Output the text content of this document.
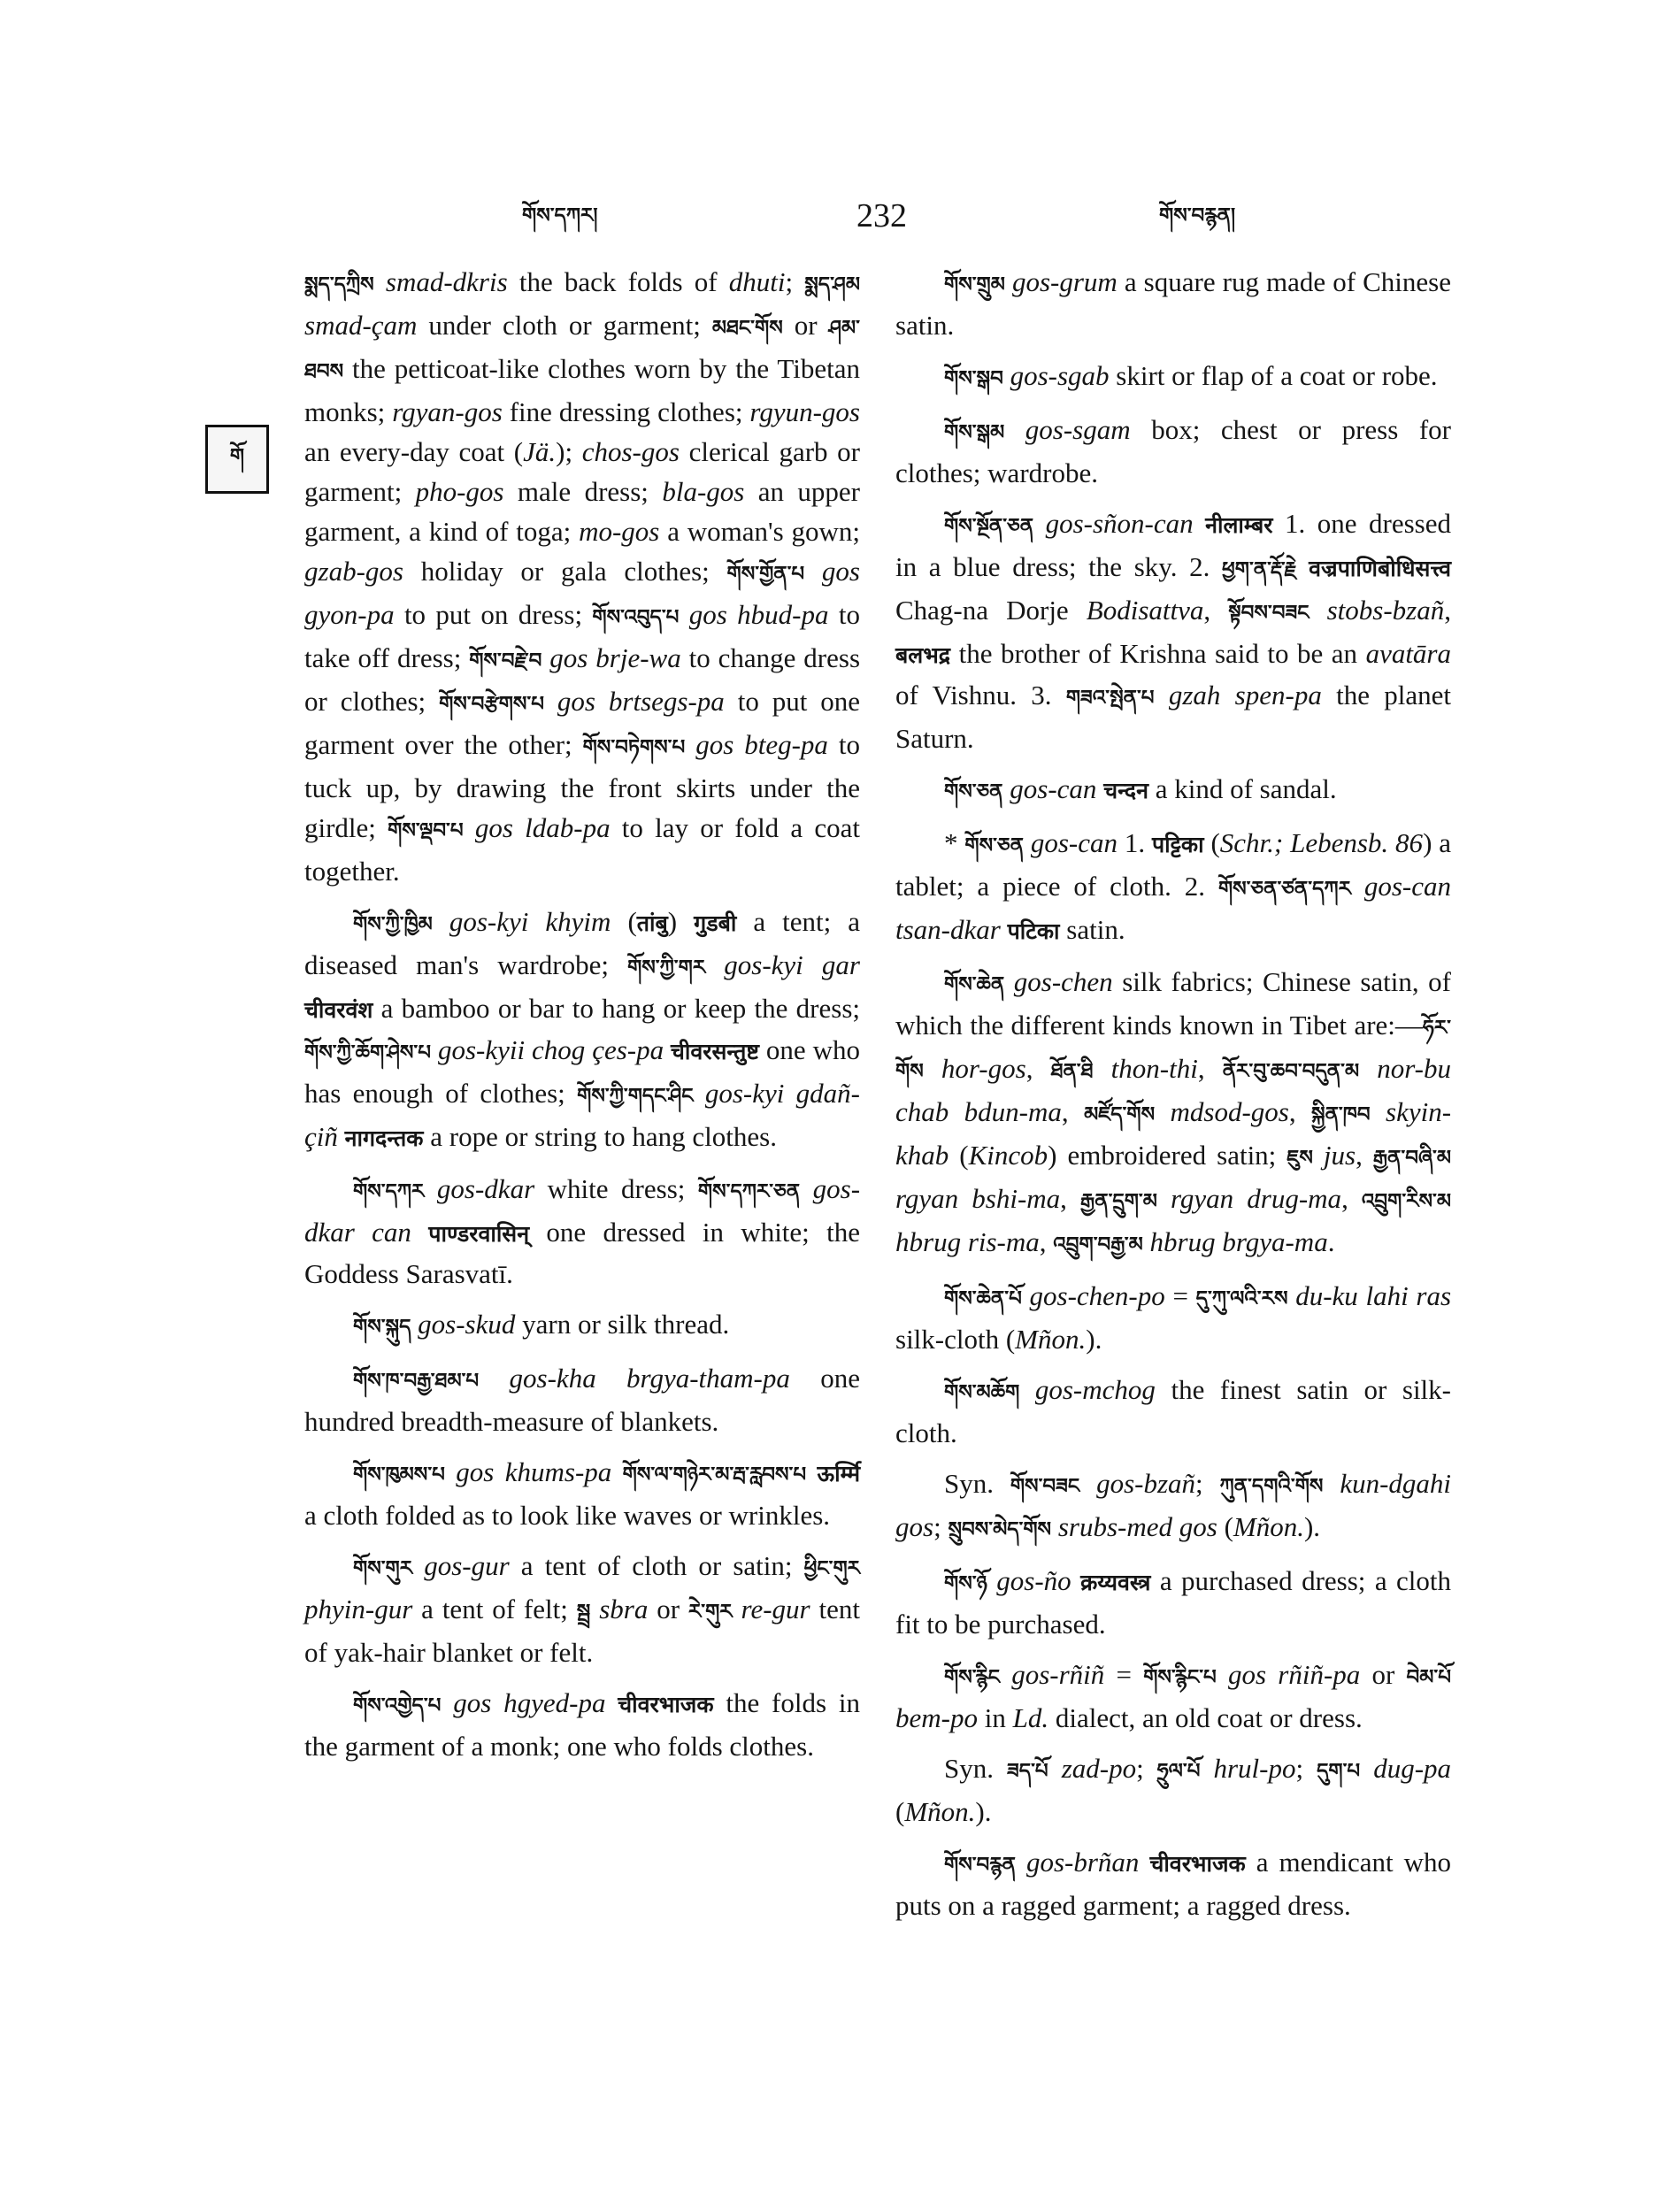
གོས་དཀར།	232	གོས་བརྙན།
གོ

སྨད་དཀྲིས smad-dkris the back folds of dhuti; སྨད་ཤམ smad-çam under cloth or garment; མཐང་གོས or ཤམ་ཐབས the petticoat-like clothes worn by the Tibetan monks; rgyan-gos fine dressing clothes; rgyun-gos an every-day coat (Jä.); chos-gos clerical garb or garment; pho-gos male dress; bla-gos an upper garment, a kind of toga; mo-gos a woman's gown; gzab-gos holiday or gala clothes; གོས་གྱོན་པ gos gyon-pa to put on dress; གོས་འབུད་པ gos hbud-pa to take off dress; གོས་བརྗེ་བ gos brje-wa to change dress or clothes; གོས་བརྩེགས་པ gos brtsegs-pa to put one garment over the other; གོས་བཏེགས་པ gos bteg-pa to tuck up, by drawing the front skirts under the girdle; གོས་ལྡབ་པ gos ldab-pa to lay or fold a coat together.

གོས་ཀྱི་ཁྱིམ gos-kyi khyim (तांबु) गुडबी a tent; a diseased man's wardrobe; གོས་ཀྱི་གར gos-kyi gar चीवरवंश a bamboo or bar to hang or keep the dress; གོས་ཀྱི་ཆོག་ཤེས་པ gos-kyii chog çes-pa चीवरसन्तुष्ट one who has enough of clothes; གོས་ཀྱི་གདང་ཤིང gos-kyi gdañ-çiñ नागदन्तक a rope or string to hang clothes.

གོས་དཀར gos-dkar white dress; གོས་དཀར་ཅན gos-dkar can पाण्डरवासिन् one dressed in white; the Goddess Sarasvatī.

གོས་སྐུད gos-skud yarn or silk thread.

གོས་ཁ་བརྒྱ་ཐམ་པ gos-kha brgya-tham-pa one hundred breadth-measure of blankets.

གོས་ཁུམས་པ gos khums-pa གོས་ལ་གཉེར་མ་རྦ་རླབས་པ ऊर्म्मि a cloth folded as to look like waves or wrinkles.

གོས་གུར gos-gur a tent of cloth or satin; ཕྱིང་གུར phyin-gur a tent of felt; སྦྲ sbra or རེ་གུར re-gur tent of yak-hair blanket or felt.

གོས་འགྱེད་པ gos hgyed-pa चीवरभाजक the folds in the garment of a monk; one who folds clothes.

གོས་གྲུམ gos-grum a square rug made of Chinese satin.

གོས་སྒབ gos-sgab skirt or flap of a coat or robe.

གོས་སྒམ gos-sgam box; chest or press for clothes; wardrobe.

གོས་སྔོན་ཅན gos-sñon-can नीलाम्बर 1. one dressed in a blue dress; the sky. 2. ཕྱག་ན་རྡོ་རྗེ वज्रपाणिबोधिसत्त्व Chag-na Dorje Bodisattva, སྟོབས་བཟང stobs-bzañ, बलभद्र the brother of Krishna said to be an avatāra of Vishnu. 3. གཟའ་སྤེན་པ gzah spen-pa the planet Saturn.

གོས་ཅན gos-can चन्दन a kind of sandal.

* གོས་ཅན gos-can 1. पट्टिका (Schr.; Lebensb. 86) a tablet; a piece of cloth. 2. གོས་ཅན་ཙན་དཀར gos-can tsan-dkar पटिका satin.

གོས་ཆེན gos-chen silk fabrics; Chinese satin, of which the different kinds known in Tibet are:—ཧོར་གོས hor-gos, ཐོན་ཐི thon-thi, ནོར་བུ་ཆབ་བདུན་མ nor-bu chab bdun-ma, མཛོད་གོས mdsod-gos, སྐྱིན་ཁབ skyin-khab (Kincob) embroidered satin; ཇུས jus, རྒྱན་བཞི་མ rgyan bshi-ma, རྒྱན་དྲུག་མ rgyan drug-ma, འབྲུག་རིས་མ hbrug ris-ma, འབྲུག་བརྒྱ་མ hbrug brgya-ma.

གོས་ཆེན་པོ gos-chen-po = དུ་ཀུ་ལའི་རས du-ku lahi ras silk-cloth (Mñon.).

གོས་མཆོག gos-mchog the finest satin or silk-cloth.

Syn. གོས་བཟང gos-bzañ; ཀུན་དགའི་གོས kun-dgahi gos; སྲུབས་མེད་གོས srubs-med gos (Mñon.).

གོས་ཉོ gos-ño क्रय्यवस्त्र a purchased dress; a cloth fit to be purchased.

གོས་རྙིང gos-rñiñ = གོས་རྙིང་པ gos rñiñ-pa or བེམ་པོ bem-po in Ld. dialect, an old coat or dress.

Syn. ཟད་པོ zad-po; ཧྲུལ་པོ hrul-po; དུག་པ dug-pa (Mñon.).

གོས་བརྙན gos-brñan चीवरभाजक a mendicant who puts on a ragged garment; a ragged dress.
